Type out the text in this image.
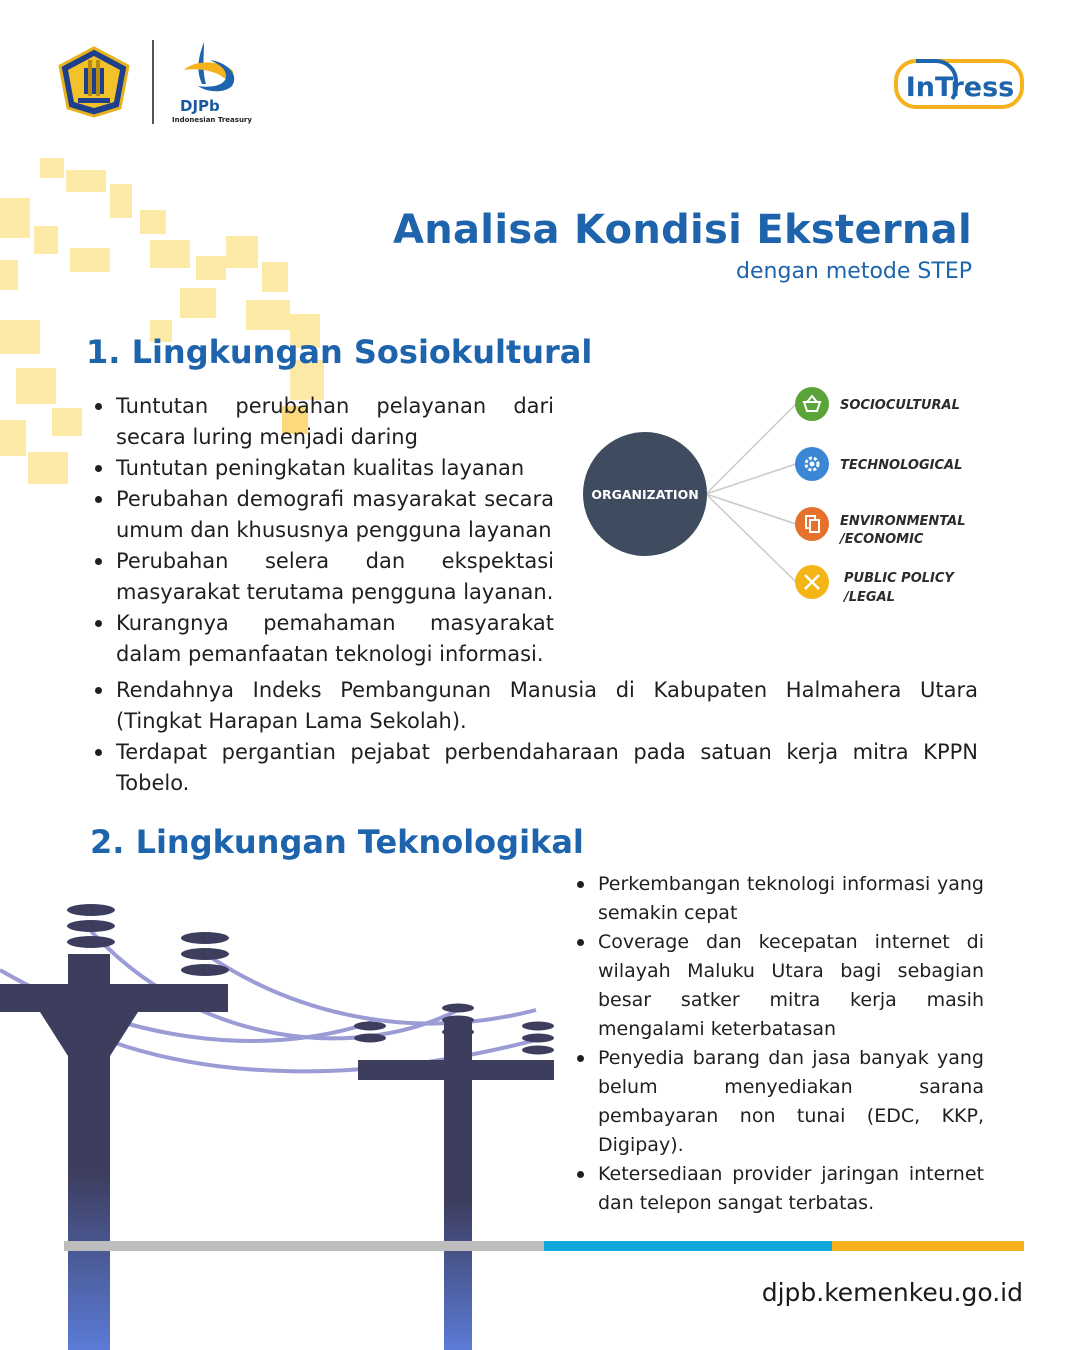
DJPb
Indonesian Treasury
InTress
Analisa Kondisi Eksternal
dengan metode STEP
1. Lingkungan Sosiokultural
Tuntutan perubahan pelayanan dari secara luring menjadi daring
Tuntutan peningkatan kualitas layanan
Perubahan demografi masyarakat secara umum dan khususnya pengguna layanan
Perubahan selera dan ekspektasi masyarakat terutama pengguna layanan.
Kurangnya pemahaman masyarakat dalam pemanfaatan teknologi informasi.
Rendahnya Indeks Pembangunan Manusia di Kabupaten Halmahera Utara (Tingkat Harapan Lama Sekolah).
Terdapat pergantian pejabat perbendaharaan pada satuan kerja mitra KPPN Tobelo.
ORGANIZATION
SOCIOCULTURAL
TECHNOLOGICAL
ENVIRONMENTAL
/ECONOMIC
PUBLIC POLICY
/LEGAL
2. Lingkungan Teknologikal
Perkembangan teknologi informasi yang semakin cepat
Coverage dan kecepatan internet di wilayah Maluku Utara bagi sebagian besar satker mitra kerja masih mengalami keterbatasan
Penyedia barang dan jasa banyak yang belum menyediakan sarana pembayaran non tunai (EDC, KKP, Digipay).
Ketersediaan provider jaringan internet dan telepon sangat terbatas.
djpb.kemenkeu.go.id
